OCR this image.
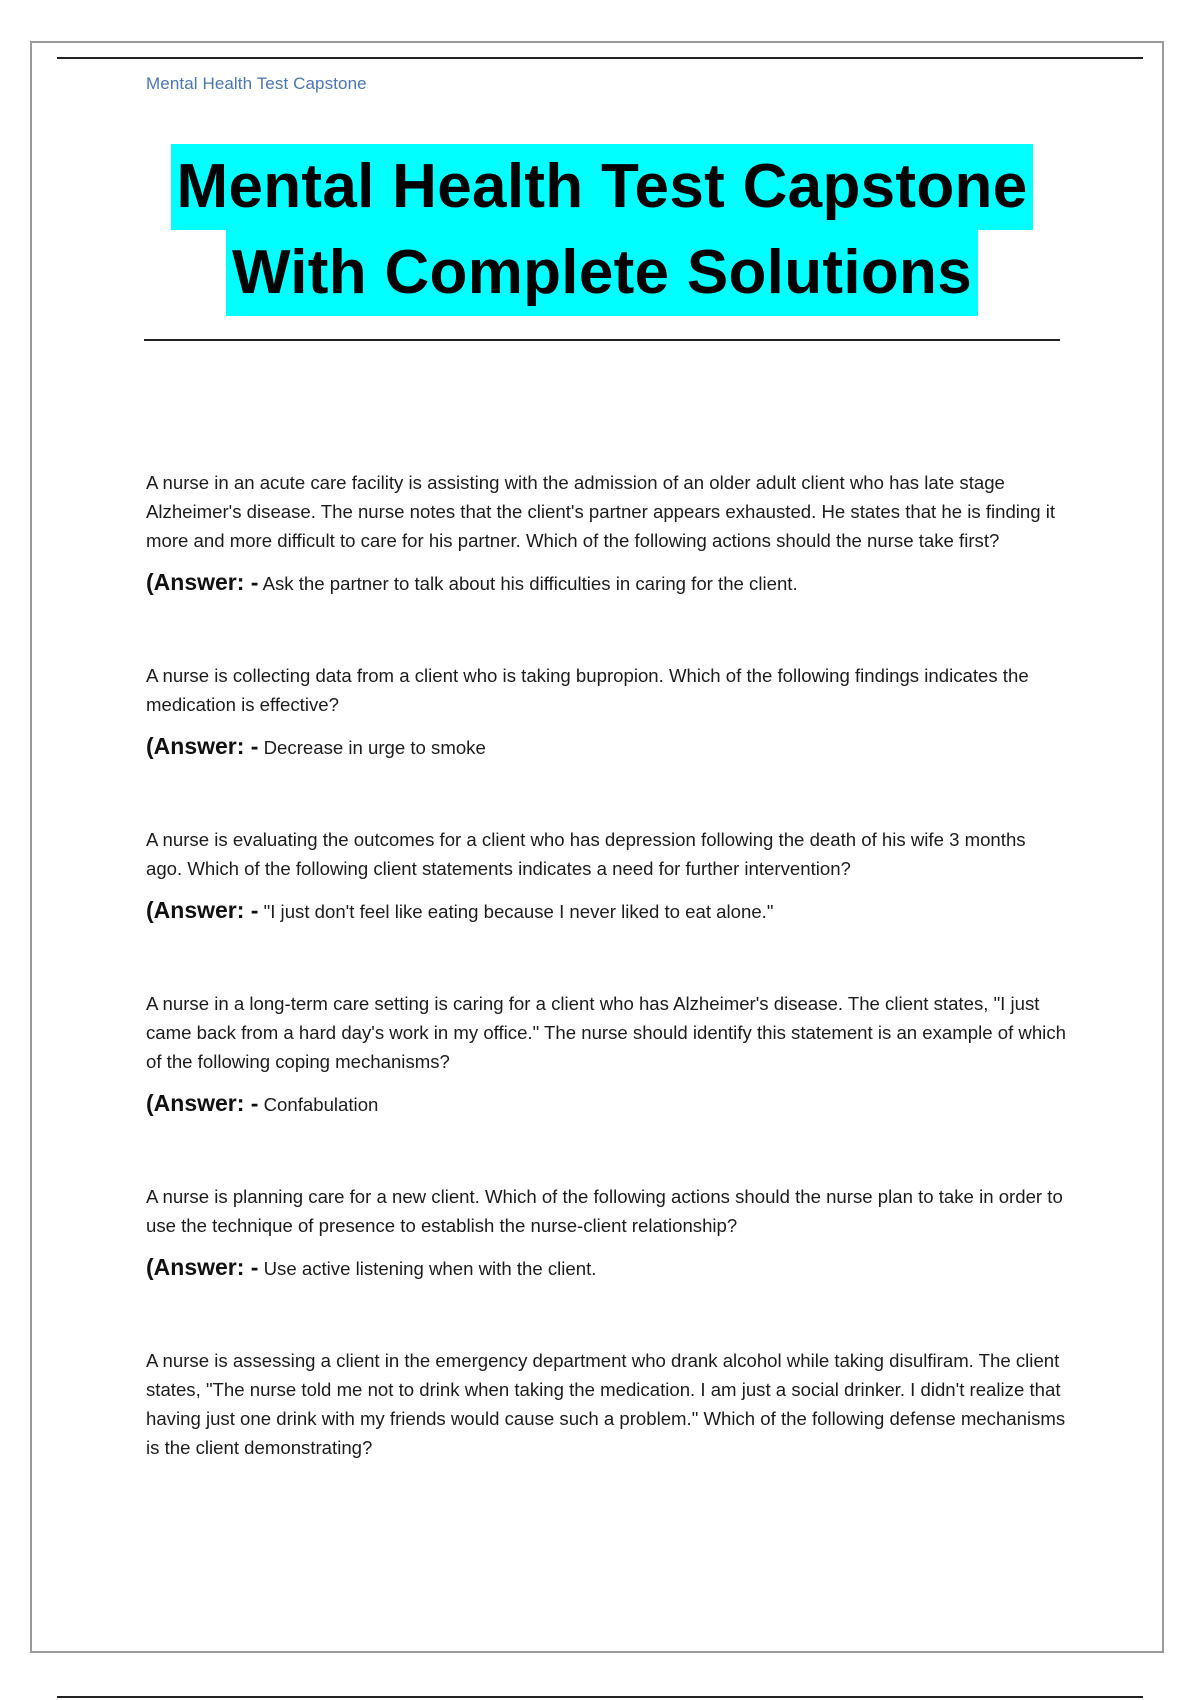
Mental Health Test Capstone
Mental Health Test Capstone
With Complete Solutions

A nurse in an acute care facility is assisting with the admission of an older adult client who has late stage Alzheimer's disease. The nurse notes that the client's partner appears exhausted. He states that he is finding it more and more difficult to care for his partner. Which of the following actions should the nurse take first?

(Answer: - Ask the partner to talk about his difficulties in caring for the client.

A nurse is collecting data from a client who is taking bupropion. Which of the following findings indicates the medication is effective?

(Answer: - Decrease in urge to smoke

A nurse is evaluating the outcomes for a client who has depression following the death of his wife 3 months ago. Which of the following client statements indicates a need for further intervention?

(Answer: - "I just don't feel like eating because I never liked to eat alone."

A nurse in a long-term care setting is caring for a client who has Alzheimer's disease. The client states, "I just came back from a hard day's work in my office." The nurse should identify this statement is an example of which of the following coping mechanisms?

(Answer: - Confabulation

A nurse is planning care for a new client. Which of the following actions should the nurse plan to take in order to use the technique of presence to establish the nurse-client relationship?

(Answer: - Use active listening when with the client.

A nurse is assessing a client in the emergency department who drank alcohol while taking disulfiram. The client states, "The nurse told me not to drink when taking the medication. I am just a social drinker. I didn't realize that having just one drink with my friends would cause such a problem." Which of the following defense mechanisms is the client demonstrating?
